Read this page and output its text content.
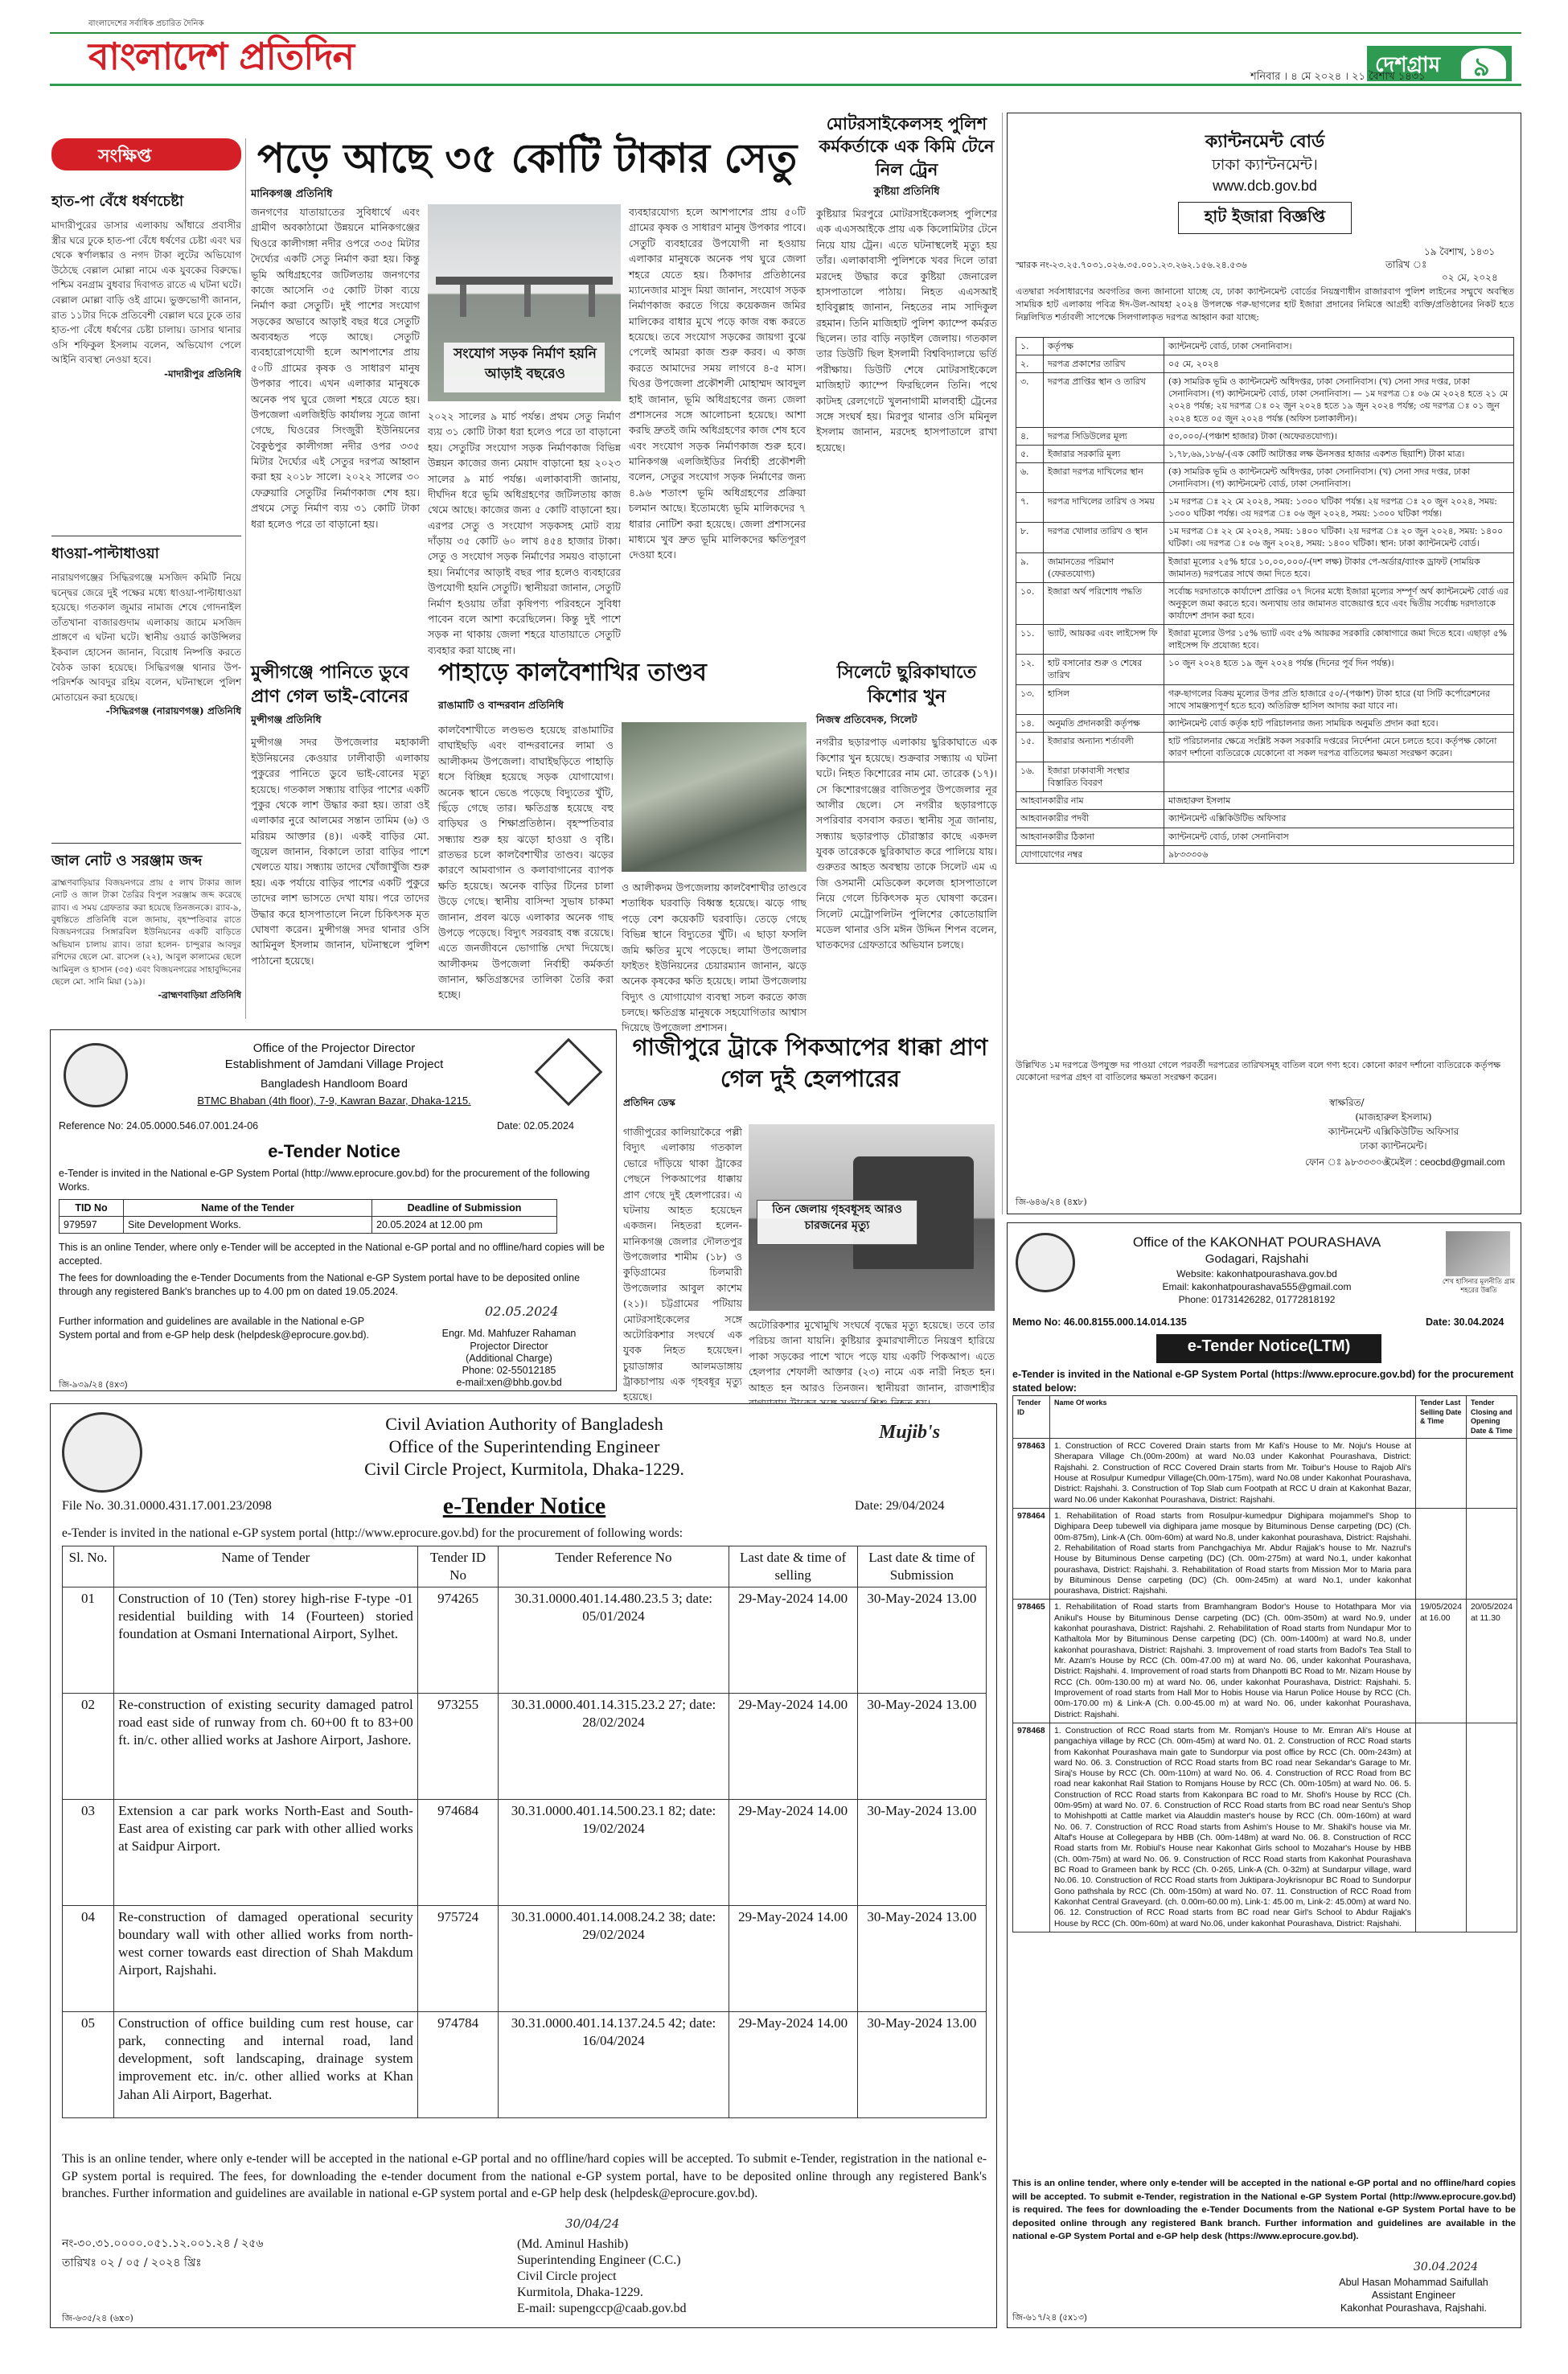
বাংলাদেশের সর্বাধিক প্রচারিত দৈনিক
বাংলাদেশ প্রতিদিন	দেশগ্রাম ৯
শনিবার । ৪ মে ২০২৪ । ২১ বৈশাখ ১৪৩১
সংক্ষিপ্ত
হাত-পা বেঁধে ধর্ষণচেষ্টা
মাদারীপুরের ডাসার এলাকায় আঁধারে প্রবাসীর স্ত্রীর ঘরে ঢুকে হাত-পা বেঁধে ধর্ষণের চেষ্টা এবং ঘর থেকে স্বর্ণালঙ্কার ও নগদ টাকা লুটের অভিযোগ উঠেছে বেল্লাল মোল্লা নামে এক যুবকের বিরুদ্ধে। পশ্চিম বনগ্রাম বুধবার দিবাগত রাতে এ ঘটনা ঘটে। বেল্লাল মোল্লা বাড়ি ওই গ্রামে। ভুক্তভোগী জানান, রাত ১১টার দিকে প্রতিবেশী বেল্লাল ঘরে ঢুকে তার হাত-পা বেঁধে ধর্ষণের চেষ্টা চালায়। ডাসার থানার ওসি শফিকুল ইসলাম বলেন, অভিযোগ পেলে আইনি ব্যবস্থা নেওয়া হবে।
-মাদারীপুর প্রতিনিধি
ধাওয়া-পাল্টাধাওয়া
নারায়ণগঞ্জের সিদ্ধিরগঞ্জে মসজিদ কমিটি নিয়ে দ্বন্দ্বের জেরে দুই পক্ষের মধ্যে ধাওয়া-পাল্টাধাওয়া হয়েছে। গতকাল জুমার নামাজ শেষে গোদনাইল তাঁতখানা বাজারগুদাম এলাকায় জামে মসজিদ প্রাঙ্গণে এ ঘটনা ঘটে। স্থানীয় ওয়ার্ড কাউন্সিলর ইকবাল হোসেন জানান, বিরোধ নিষ্পত্তি করতে বৈঠক ডাকা হয়েছে। সিদ্ধিরগঞ্জ থানার উপ-পরিদর্শক আবদুর রহিম বলেন, ঘটনাস্থলে পুলিশ মোতায়েন করা হয়েছে।
-সিদ্ধিরগঞ্জ (নারায়ণগঞ্জ) প্রতিনিধি
জাল নোট ও সরঞ্জাম জব্দ
ব্রাহ্মণবাড়িয়ার বিজয়নগরে প্রায় ৫ লাখ টাকার জাল নোট ও জাল টাকা তৈরির বিপুল সরঞ্জাম জব্দ করেছে র‍্যাব। এ সময় গ্রেফতার করা হয়েছে তিনজনকে। র‍্যাব-৯, বুধন্তিতে প্রতিনিধি বলে জানায়, বৃহস্পতিবার রাতে বিজয়নগরের সিঙ্গারবিল ইউনিয়নের একটি বাড়িতে অভিযান চালায় র‍্যাব। তারা হলেন- চান্দুরার আবদুর রশিদের ছেলে মো. রাসেল (২২), আবুল কালামের ছেলে আমিনুল ও হাসান (৩৫) এবং বিজয়নগরের সাহাবুদ্দিনের ছেলে মো. সানি মিয়া (১৯)।
-ব্রাহ্মণবাড়িয়া প্রতিনিধি
পড়ে আছে ৩৫ কোটি টাকার সেতু
মানিকগঞ্জ প্রতিনিধি
জনগণের যাতায়াতের সুবিধার্থে এবং গ্রামীণ অবকাঠামো উন্নয়নে মানিকগঞ্জের ঘিওরে কালীগঙ্গা নদীর ওপরে ৩৩৫ মিটার দৈর্ঘ্যের একটি সেতু নির্মাণ করা হয়। কিন্তু ভূমি অধিগ্রহণের জটিলতায় জনগণের কাজে আসেনি ৩৫ কোটি টাকা ব্যয়ে নির্মাণ করা সেতুটি। দুই পাশের সংযোগ সড়কের অভাবে আড়াই বছর ধরে সেতুটি অব্যবহৃত পড়ে আছে। সেতুটি ব্যবহারোপযোগী হলে আশপাশের প্রায় ৫০টি গ্রামের কৃষক ও সাধারণ মানুষ উপকার পাবে। এখন এলাকার মানুষকে অনেক পথ ঘুরে জেলা শহরে যেতে হয়। উপজেলা এলজিইডি কার্যালয় সূত্রে জানা গেছে, ঘিওরের সিংজুরী ইউনিয়নের বৈকুণ্ঠপুর কালীগঙ্গা নদীর ওপর ৩৩৫ মিটার দৈর্ঘ্যের এই সেতুর দরপত্র আহ্বান করা হয় ২০১৮ সালে। ২০২২ সালের ৩০ ফেব্রুয়ারি সেতুটির নির্মাণকাজ শেষ হয়। প্রথমে সেতু নির্মাণ ব্যয় ৩১ কোটি টাকা ধরা হলেও পরে তা বাড়ানো হয়।
সংযোগ সড়ক নির্মাণ হয়নি আড়াই বছরেও
২০২২ সালের ৯ মার্চ পর্যন্ত। প্রথম সেতু নির্মাণ ব্যয় ৩১ কোটি টাকা ধরা হলেও পরে তা বাড়ানো হয়। সেতুটির সংযোগ সড়ক নির্মাণকাজ বিভিন্ন উন্নয়ন কাজের জন্য মেয়াদ বাড়ানো হয় ২০২৩ সালের ৯ মার্চ পর্যন্ত। এলাকাবাসী জানায়, দীর্ঘদিন ধরে ভূমি অধিগ্রহণের জটিলতায় কাজ থেমে আছে। কাজের জন্য ৫ কোটি বাড়ানো হয়। এরপর সেতু ও সংযোগ সড়কসহ মোট ব্যয় দাঁড়ায় ৩৫ কোটি ৬০ লাখ ৪৫৪ হাজার টাকা। সেতু ও সংযোগ সড়ক নির্মাণের সময়ও বাড়ানো হয়। নির্মাণের আড়াই বছর পার হলেও ব্যবহারের উপযোগী হয়নি সেতুটি। স্থানীয়রা জানান, সেতুটি নির্মাণ হওয়ায় তাঁরা কৃষিপণ্য পরিবহনে সুবিধা পাবেন বলে আশা করেছিলেন। কিন্তু দুই পাশে সড়ক না থাকায় জেলা শহরে যাতায়াতে সেতুটি ব্যবহার করা যাচ্ছে না।
ব্যবহারযোগ্য হলে আশপাশের প্রায় ৫০টি গ্রামের কৃষক ও সাধারণ মানুষ উপকার পাবে। সেতুটি ব্যবহারের উপযোগী না হওয়ায় এলাকার মানুষকে অনেক পথ ঘুরে জেলা শহরে যেতে হয়। ঠিকাদার প্রতিষ্ঠানের ম্যানেজার মাসুদ মিয়া জানান, সংযোগ সড়ক নির্মাণকাজ করতে গিয়ে কয়েকজন জমির মালিকের বাধার মুখে পড়ে কাজ বন্ধ করতে হয়েছে। তবে সংযোগ সড়কের জায়গা বুঝে পেলেই আমরা কাজ শুরু করব। এ কাজ করতে আমাদের সময় লাগবে ৪-৫ মাস। ঘিওর উপজেলা প্রকৌশলী মোহাম্মদ আবদুল হাই জানান, ভূমি অধিগ্রহণের জন্য জেলা প্রশাসনের সঙ্গে আলোচনা হয়েছে। আশা করছি দ্রুতই জমি অধিগ্রহণের কাজ শেষ হবে এবং সংযোগ সড়ক নির্মাণকাজ শুরু হবে। মানিকগঞ্জ এলজিইডির নির্বাহী প্রকৌশলী বলেন, সেতুর সংযোগ সড়ক নির্মাণের জন্য ৪.৯৬ শতাংশ ভূমি অধিগ্রহণের প্রক্রিয়া চলমান আছে। ইতোমধ্যে ভূমি মালিকদের ৭ ধারার নোটিশ করা হয়েছে। জেলা প্রশাসনের মাধ্যমে খুব দ্রুত ভূমি মালিকদের ক্ষতিপূরণ দেওয়া হবে।
মোটরসাইকেলসহ পুলিশ কর্মকর্তাকে এক কিমি টেনে নিল ট্রেন
কুষ্টিয়া প্রতিনিধি
কুষ্টিয়ার মিরপুরে মোটরসাইকেলসহ পুলিশের এক এএসআইকে প্রায় এক কিলোমিটার টেনে নিয়ে যায় ট্রেন। এতে ঘটনাস্থলেই মৃত্যু হয় তাঁর। এলাকাবাসী পুলিশকে খবর দিলে তারা মরদেহ উদ্ধার করে কুষ্টিয়া জেনারেল হাসপাতালে পাঠায়। নিহত এএসআই হাবিবুল্লাহ জানান, নিহতের নাম সাদিকুল রহমান। তিনি মাজিহাট পুলিশ ক্যাম্পে কর্মরত ছিলেন। তার বাড়ি নড়াইল জেলায়। গতকাল তার ডিউটি ছিল ইসলামী বিশ্ববিদ্যালয়ে ভর্তি পরীক্ষায়। ডিউটি শেষে মোটরসাইকেলে মাজিহাট ক্যাম্পে ফিরছিলেন তিনি। পথে কাটদহ রেলগেটে খুলনাগামী মালবাহী ট্রেনের সঙ্গে সংঘর্ষ হয়। মিরপুর থানার ওসি মমিনুল ইসলাম জানান, মরদেহ হাসপাতালে রাখা হয়েছে।
মুন্সীগঞ্জে পানিতে ডুবে প্রাণ গেল ভাই-বোনের
মুন্সীগঞ্জ প্রতিনিধি
মুন্সীগঞ্জ সদর উপজেলার মহাকালী ইউনিয়নের কেওয়ার ঢালীবাড়ী এলাকায় পুকুরের পানিতে ডুবে ভাই-বোনের মৃত্যু হয়েছে। গতকাল সন্ধ্যায় বাড়ির পাশের একটি পুকুর থেকে লাশ উদ্ধার করা হয়। তারা ওই এলাকার নুরে আলমের সন্তান তামিম (৬) ও মরিয়ম আক্তার (৪)। একই বাড়ির মো. জুয়েল জানান, বিকালে তারা বাড়ির পাশে খেলতে যায়। সন্ধ্যায় তাদের খোঁজাখুঁজি শুরু হয়। এক পর্যায়ে বাড়ির পাশের একটি পুকুরে তাদের লাশ ভাসতে দেখা যায়। পরে তাদের উদ্ধার করে হাসপাতালে নিলে চিকিৎসক মৃত ঘোষণা করেন। মুন্সীগঞ্জ সদর থানার ওসি আমিনুল ইসলাম জানান, ঘটনাস্থলে পুলিশ পাঠানো হয়েছে।
পাহাড়ে কালবৈশাখির তাণ্ডব
রাঙামাটি ও বান্দরবান প্রতিনিধি
কালবৈশাখীতে লণ্ডভণ্ড হয়েছে রাঙামাটির বাঘাইছড়ি এবং বান্দরবানের লামা ও আলীকদম উপজেলা। বাঘাইছড়িতে পাহাড়ি ধসে বিচ্ছিন্ন হয়েছে সড়ক যোগাযোগ। অনেক স্থানে ভেঙে পড়েছে বিদ্যুতের খুঁটি, ছিঁড়ে গেছে তার। ক্ষতিগ্রস্ত হয়েছে বহু বাড়িঘর ও শিক্ষাপ্রতিষ্ঠান। বৃহস্পতিবার সন্ধ্যায় শুরু হয় ঝড়ো হাওয়া ও বৃষ্টি। রাতভর চলে কালবৈশাখীর তাণ্ডব। ঝড়ের কারণে আমবাগান ও কলাবাগানের ব্যাপক ক্ষতি হয়েছে। অনেক বাড়ির টিনের চালা উড়ে গেছে। স্থানীয় বাসিন্দা সুভাষ চাকমা জানান, প্রবল ঝড়ে এলাকার অনেক গাছ উপড়ে পড়েছে। বিদ্যুৎ সরবরাহ বন্ধ রয়েছে। এতে জনজীবনে ভোগান্তি দেখা দিয়েছে। আলীকদম উপজেলা নির্বাহী কর্মকর্তা জানান, ক্ষতিগ্রস্তদের তালিকা তৈরি করা হচ্ছে।
ও আলীকদম উপজেলায় কালবৈশাখীর তাণ্ডবে শতাধিক ঘরবাড়ি বিধ্বস্ত হয়েছে। ঝড়ে গাছ পড়ে বেশ কয়েকটি ঘরবাড়ি। তেড়ে গেছে বিভিন্ন স্থানে বিদ্যুতের খুঁটি। এ ছাড়া ফসলি জমি ক্ষতির মুখে পড়েছে। লামা উপজেলার ফাইতং ইউনিয়নের চেয়ারম্যান জানান, ঝড়ে অনেক কৃষকের ক্ষতি হয়েছে। লামা উপজেলায় বিদ্যুৎ ও যোগাযোগ ব্যবস্থা সচল করতে কাজ চলছে। ক্ষতিগ্রস্ত মানুষকে সহযোগিতার আশ্বাস দিয়েছে উপজেলা প্রশাসন।
সিলেটে ছুরিকাঘাতে কিশোর খুন
নিজস্ব প্রতিবেদক, সিলেট
নগরীর ছড়ারপাড় এলাকায় ছুরিকাঘাতে এক কিশোর খুন হয়েছে। শুক্রবার সন্ধ্যায় এ ঘটনা ঘটে। নিহত কিশোরের নাম মো. তারেক (১৭)। সে কিশোরগঞ্জের বাজিতপুর উপজেলার নূর আলীর ছেলে। সে নগরীর ছড়ারপাড়ে সপরিবার বসবাস করত। স্থানীয় সূত্র জানায়, সন্ধ্যায় ছড়ারপাড় চৌরাস্তার কাছে একদল যুবক তারেককে ছুরিকাঘাত করে পালিয়ে যায়। গুরুতর আহত অবস্থায় তাকে সিলেট এম এ জি ওসমানী মেডিকেল কলেজ হাসপাতালে নিয়ে গেলে চিকিৎসক মৃত ঘোষণা করেন। সিলেট মেট্রোপলিটন পুলিশের কোতোয়ালি মডেল থানার ওসি মঈন উদ্দিন শিপন বলেন, ঘাতকদের গ্রেফতারে অভিযান চলছে।
Office of the Projector Director
Establishment of Jamdani Village Project
Bangladesh Handloom Board
BTMC Bhaban (4th floor), 7-9, Kawran Bazar, Dhaka-1215.
Reference No: 24.05.0000.546.07.001.24-06	Date: 02.05.2024
e-Tender Notice
e-Tender is invited in the National e-GP System Portal (http://www.eprocure.gov.bd) for the procurement of the following Works.
TID No	Name of the Tender	Deadline of Submission
979597	Site Development Works.	20.05.2024 at 12.00 pm
This is an online Tender, where only e-Tender will be accepted in the National e-GP portal and no offline/hard copies will be accepted.
The fees for downloading the e-Tender Documents from the National e-GP System portal have to be deposited online through any registered Bank's branches up to 4.00 pm on dated 19.05.2024.
Further information and guidelines are available in the National e-GP System portal and from e-GP help desk (helpdesk@eprocure.gov.bd).
02.05.2024
Engr. Md. Mahfuzer Rahaman
Projector Director
(Additional Charge)
Phone: 02-55012185
e-mail:xen@bhb.gov.bd
জি-৯৩৯/২৪ (৪x৩)
গাজীপুরে ট্রাকে পিকআপের ধাক্কা প্রাণ গেল দুই হেলপারের
প্রতিদিন ডেস্ক
গাজীপুরের কালিয়াকৈরে পল্লী বিদ্যুৎ এলাকায় গতকাল ভোরে দাঁড়িয়ে থাকা ট্রাকের পেছনে পিকআপের ধাক্কায় প্রাণ গেছে দুই হেলপারের। এ ঘটনায় আহত হয়েছেন একজন। নিহতরা হলেন- মানিকগঞ্জ জেলার দৌলতপুর উপজেলার শামীম (১৮) ও কুড়িগ্রামের চিলমারী উপজেলার আবুল কাশেম (২১)। চট্টগ্রামের পটিয়ায় মোটরসাইকেলের সঙ্গে অটোরিকশার সংঘর্ষে এক যুবক নিহত হয়েছেন। চুয়াডাঙ্গার আলমডাঙ্গায় ট্রাকচাপায় এক গৃহবধূর মৃত্যু হয়েছে।
তিন জেলায় গৃহবধূসহ আরও চারজনের মৃত্যু
অটোরিকশার মুখোমুখি সংঘর্ষে বৃদ্ধের মৃত্যু হয়েছে। তবে তার পরিচয় জানা যায়নি। কুষ্টিয়ার কুমারখালীতে নিয়ন্ত্রণ হারিয়ে পাকা সড়কের পাশে খাদে পড়ে যায় একটি পিকআপ। এতে হেলপার শেফালী আক্তার (২৩) নামে এক নারী নিহত হন। আহত হন আরও তিনজন। স্থানীয়রা জানান, রাজশাহীর
ক্যান্টনমেন্ট বোর্ড
ঢাকা ক্যান্টনমেন্ট।
www.dcb.gov.bd
হাট ইজারা বিজ্ঞপ্তি
১৯ বৈশাখ, ১৪৩১
স্মারক নং-২৩.২৫.৭০৩১.০২৬.৩৫.০০১.২৩.২৬২.১৫৬.২৪.৫৩৬	তারিখ ঃ
০২ মে, ২০২৪
এতদ্বারা সর্বসাধারণের অবগতির জন্য জানানো যাচ্ছে যে, ঢাকা ক্যান্টনমেন্ট বোর্ডের নিয়ন্ত্রণাধীন রাজারবাগ পুলিশ লাইনের সম্মুখে অবস্থিত সাময়িক হাট এলাকায় পবিত্র ঈদ-উল-আযহা ২০২৪ উপলক্ষে গরু-ছাগলের হাট ইজারা প্রদানের নিমিত্তে আগ্রহী ব্যক্তি/প্রতিষ্ঠানের নিকট হতে নিম্নলিখিত শর্তাবলী সাপেক্ষে সিলগালাকৃত দরপত্র আহ্বান করা যাচ্ছে:
১.	কর্তৃপক্ষ	ক্যান্টনমেন্ট বোর্ড, ঢাকা সেনানিবাস।
২.	দরপত্র প্রকাশের তারিখ	০৫ মে, ২০২৪
৩.	দরপত্র প্রাপ্তির স্থান ও তারিখ	(ক) সামরিক ভূমি ও ক্যান্টনমেন্ট অধিদপ্তর, ঢাকা সেনানিবাস। (খ) সেনা সদর দপ্তর, ঢাকা সেনানিবাস। (গ) ক্যান্টনমেন্ট বোর্ড, ঢাকা সেনানিবাস। — ১ম দরপত্র ঃ ০৬ মে ২০২৪ হতে ২১ মে ২০২৪ পর্যন্ত; ২য় দরপত্র ঃ ০২ জুন ২০২৪ হতে ১৯ জুন ২০২৪ পর্যন্ত; ৩য় দরপত্র ঃ ০১ জুন ২০২৪ হতে ০৫ জুন ২০২৪ পর্যন্ত (অফিস চলাকালীন)।
৪.	দরপত্র সিডিউলের মূল্য	৫০,০০০/-(পঞ্চাশ হাজার) টাকা (অফেরতযোগ্য)।
৫.	ইজারার সরকারি মূল্য	১,৭৮,৬৯,১৮৬/-(এক কোটি আটাত্তর লক্ষ ঊনসত্তর হাজার একশত ছিয়াশি) টাকা মাত্র।
৬.	ইজারা দরপত্র দাখিলের স্থান	(ক) সামরিক ভূমি ও ক্যান্টনমেন্ট অধিদপ্তর, ঢাকা সেনানিবাস। (খ) সেনা সদর দপ্তর, ঢাকা সেনানিবাস। (গ) ক্যান্টনমেন্ট বোর্ড, ঢাকা সেনানিবাস।
৭.	দরপত্র দাখিলের তারিখ ও সময়	১ম দরপত্র ঃ ২২ মে ২০২৪, সময়: ১৩০০ ঘটিকা পর্যন্ত। ২য় দরপত্র ঃ ২০ জুন ২০২৪, সময়: ১৩০০ ঘটিকা পর্যন্ত। ৩য় দরপত্র ঃ ০৬ জুন ২০২৪, সময়: ১৩০০ ঘটিকা পর্যন্ত।
৮.	দরপত্র খোলার তারিখ ও স্থান	১ম দরপত্র ঃ ২২ মে ২০২৪, সময়: ১৪০০ ঘটিকা। ২য় দরপত্র ঃ ২০ জুন ২০২৪, সময়: ১৪০০ ঘটিকা। ৩য় দরপত্র ঃ ০৬ জুন ২০২৪, সময়: ১৪০০ ঘটিকা। স্থান: ঢাকা ক্যান্টনমেন্ট বোর্ড।
৯.	জামানতের পরিমাণ (ফেরতযোগ্য)	ইজারা মূল্যের ২৫% হারে ১০,০০,০০০/-(দশ লক্ষ) টাকার পে-অর্ডার/ব্যাংক ড্রাফট (সাময়িক জামানত) দরপত্রের সাথে জমা দিতে হবে।
১০.	ইজারা অর্থ পরিশোধ পদ্ধতি	সর্বোচ্চ দরদাতাকে কার্যাদেশ প্রাপ্তির ০৭ দিনের মধ্যে ইজারা মূল্যের সম্পূর্ণ অর্থ ক্যান্টনমেন্ট বোর্ড এর অনুকূলে জমা করতে হবে। অন্যথায় তার জামানত বাজেয়াপ্ত হবে এবং দ্বিতীয় সর্বোচ্চ দরদাতাকে কার্যাদেশ প্রদান করা হবে।
১১.	ভ্যাট, আয়কর এবং লাইসেন্স ফি	ইজারা মূল্যের উপর ১৫% ভ্যাট এবং ৫% আয়কর সরকারি কোষাগারে জমা দিতে হবে। এছাড়া ৫% লাইসেন্স ফি প্রযোজ্য হবে।
১২.	হাট বসানোর শুরু ও শেষের তারিখ	১০ জুন ২০২৪ হতে ১৯ জুন ২০২৪ পর্যন্ত (দিনের পূর্ব দিন পর্যন্ত)।
১৩.	হাসিল	গরু-ছাগলের বিক্রয় মূল্যের উপর প্রতি হাজারে ৫০/-(পঞ্চাশ) টাকা হারে (যা সিটি কর্পোরেশনের সাথে সামঞ্জস্যপূর্ণ হতে হবে) অতিরিক্ত হাসিল আদায় করা যাবে না।
১৪.	অনুমতি প্রদানকারী কর্তৃপক্ষ	ক্যান্টনমেন্ট বোর্ড কর্তৃক হাট পরিচালনার জন্য সাময়িক অনুমতি প্রদান করা হবে।
১৫.	ইজারার অন্যান্য শর্তাবলী	হাট পরিচালনার ক্ষেত্রে সংশ্লিষ্ট সকল সরকারি দপ্তরের নির্দেশনা মেনে চলতে হবে। কর্তৃপক্ষ কোনো কারণ দর্শানো ব্যতিরেকে যেকোনো বা সকল দরপত্র বাতিলের ক্ষমতা সংরক্ষণ করেন।
১৬.	ইজারা ঢাকাবাসী সংস্থার বিস্তারিত বিবরণ	
আহবানকারীর নাম		মাজহারুল ইসলাম
আহবানকারীর পদবী		ক্যান্টনমেন্ট এক্সিকিউটিভ অফিসার
আহবানকারীর ঠিকানা		ক্যান্টনমেন্ট বোর্ড, ঢাকা সেনানিবাস
যোগাযোগের নম্বর		৯৮৩৩৩০৬
উল্লিখিত ১ম দরপত্রে উপযুক্ত দর পাওয়া গেলে পরবর্তী দরপত্রের তারিখসমূহ বাতিল বলে গণ্য হবে। কোনো কারণ দর্শানো ব্যতিরেকে কর্তৃপক্ষ যেকোনো দরপত্র গ্রহণ বা বাতিলের ক্ষমতা সংরক্ষণ করেন।
স্বাক্ষরিত/
(মাজহারুল ইসলাম)
ক্যান্টনমেন্ট এক্সিকিউটিভ অফিসার
ঢাকা ক্যান্টনমেন্ট।
ফোন ঃ ৯৮৩৩৩০৬
ইমেইল : ceocbd@gmail.com
জি-৬৪৬/২৪ (৪x৮)
Office of the KAKONHAT POURASHAVA
Godagari, Rajshahi
Website: kakonhatpourashava.gov.bd
Email: kakonhatpourashava555@gmail.com
Phone: 01731426282, 01772818192
শেখ হাসিনার মূলনীতি গ্রাম শহরের উন্নতি
Memo No: 46.00.8155.000.14.014.135	Date: 30.04.2024
e-Tender Notice(LTM)
e-Tender is invited in the National e-GP System Portal (https://www.eprocure.gov.bd) for the procurement stated below:
Tender ID	Name Of works	Tender Last Selling Date & Time	Tender Closing and Opening Date & Time
978463	1. Construction of RCC Covered Drain starts from Mr Kafi's House to Mr. Noju's House at Sherapara Village Ch.(00m-200m) at ward No.03 under Kakonhat Pourashava, District: Rajshahi. 2. Construction of RCC Covered Drain starts from Mr. Toibur's House to Rajob Ali's House at Rosulpur Kumedpur Village(Ch.00m-175m), ward No.08 under Kakonhat Pourashava, District: Rajshahi. 3. Construction of Top Slab cum Footpath at RCC U drain at Kakonhat Bazar, ward No.06 under Kakonhat Pourashava, District: Rajshahi.		
978464	1. Rehabilitation of Road starts from Rosulpur-kumedpur Dighipara mojammel's Shop to Dighipara Deep tubewell via dighipara jame mosque by Bituminous Dense carpeting (DC) (Ch. 00m-875m), Link-A (Ch. 00m-60m) at ward No.8, under kakonhat pourashava, District: Rajshahi. 2. Rehabilitation of Road starts from Panchgachiya Mr. Abdur Rajjak's house to Mr. Nazrul's House by Bituminous Dense carpeting (DC) (Ch. 00m-275m) at ward No.1, under kakonhat pourashava, District: Rajshahi. 3. Rehabilitation of Road starts from Mission Mor to Maria para by Bituminous Dense carpeting (DC) (Ch. 00m-245m) at ward No.1, under kakonhat pourashava, District: Rajshahi.		
978465	1. Rehabilitation of Road starts from Bramhangram Bodor's House to Hotathpara Mor via Anikul's House by Bituminous Dense carpeting (DC) (Ch. 00m-350m) at ward No.9, under kakonhat pourashava, District: Rajshahi. 2. Rehabilitation of Road starts from Nundapur Mor to Kathaltola Mor by Bituminous Dense carpeting (DC) (Ch. 00m-1400m) at ward No.8, under kakonhat pourashava, District: Rajshahi. 3. Improvement of road starts from Badol's Tea Stall to Mr. Azam's House by RCC (Ch. 00m-47.00 m) at ward No. 06, under kakonhat Pourashava, District: Rajshahi. 4. Improvement of road starts from Dhanpotti BC Road to Mr. Nizam House by RCC (Ch. 00m-130.00 m) at ward No. 06, under kakonhat Pourashava, District: Rajshahi. 5. Improvement of road starts from Hall Mor to Hobis House via Harun Police House by RCC (Ch. 00m-170.00 m) & Link-A (Ch. 0.00-45.00 m) at ward No. 06, under kakonhat Pourashava, District: Rajshahi.	19/05/2024 at 16.00	20/05/2024 at 11.30
978468	1. Construction of RCC Road starts from Mr. Romjan's House to Mr. Emran Ali's House at pangachiya village by RCC (Ch. 00m-45m) at ward No. 01. 2. Construction of RCC Road starts from Kakonhat Pourashava main gate to Sundorpur via post office by RCC (Ch. 00m-243m) at ward No. 06. 3. Construction of RCC Road starts from BC road near Sekandar's Garage to Mr. Siraj's House by RCC (Ch. 00m-110m) at ward No. 06. 4. Construction of RCC Road from BC road near kakonhat Rail Station to Romjans House by RCC (Ch. 00m-105m) at ward No. 06. 5. Construction of RCC Road starts from Kakonpara BC road to Mr. Shofi's House by RCC (Ch. 00m-95m) at ward No. 07. 6. Construction of RCC Road starts from BC road near Sentu's Shop to Mohishpotti at Cattle market via Alauddin master's house by RCC (Ch. 00m-160m) at ward No. 06. 7. Construction of RCC Road starts from Ashim's House to Mr. Shakil's house via Mr. Altaf's House at Collegepara by HBB (Ch. 00m-148m) at ward No. 06. 8. Construction of RCC Road starts from Mr. Robiul's House near Kakonhat Girls school to Mozahar's House by HBB (Ch. 00m-75m) at ward No. 06. 9. Construction of RCC Road starts from Kakonhat Pourashava BC Road to Grameen bank by RCC (Ch. 0-265, Link-A (Ch. 0-32m) at Sundarpur village, ward No.06. 10. Construction of RCC Road starts from Juktipara-Joykrisnopur BC Road to Sundorpur Gono pathshala by RCC (Ch. 00m-150m) at ward No. 07. 11. Construction of RCC Road from Kakonhat Central Graveyard. (ch. 0.00m-60.00 m), Link-1: 45.00 m, Link-2: 45.00m) at ward No. 06. 12. Construction of RCC Road starts from BC road near Girl's School to Abdur Rajjak's House by RCC (Ch. 00m-60m) at ward No.06, under kakonhat Pourashava, District: Rajshahi.		
This is an online tender, where only e-tender will be accepted in the national e-GP portal and no offline/hard copies will be accepted. To submit e-Tender, registration in the National e-GP System Portal (http://www.eprocure.gov.bd) is required. The fees for downloading the e-Tender Documents from the National e-GP System Portal have to be deposited online through any registered Bank branch. Further information and guidelines are available in the national e-GP System Portal and e-GP help desk (https://www.eprocure.gov.bd).
30.04.2024
Abul Hasan Mohammad Saifullah
Assistant Engineer
Kakonhat Pourashava, Rajshahi.
জি-৬১৭/২৪ (৫x১৩)
Civil Aviation Authority of Bangladesh
Office of the Superintending Engineer
Civil Circle Project, Kurmitola, Dhaka-1229.
Mujib's
File No. 30.31.0000.431.17.001.23/2098	e-Tender Notice	Date: 29/04/2024
e-Tender is invited in the national e-GP system portal (http://www.eprocure.gov.bd) for the procurement of following words:
Sl. No.	Name of Tender	Tender ID No	Tender Reference No	Last date & time of selling	Last date & time of Submission
01	Construction of 10 (Ten) storey high-rise F-type -01 residential building with 14 (Fourteen) storied foundation at Osmani International Airport, Sylhet.	974265	30.31.0000.401.14.480.23.5 3; date: 05/01/2024	29-May-2024 14.00	30-May-2024 13.00
02	Re-construction of existing security damaged patrol road east side of runway from ch. 60+00 ft to 83+00 ft. in/c. other allied works at Jashore Airport, Jashore.	973255	30.31.0000.401.14.315.23.2 27; date: 28/02/2024	29-May-2024 14.00	30-May-2024 13.00
03	Extension a car park works North-East and South-East area of existing car park with other allied works at Saidpur Airport.	974684	30.31.0000.401.14.500.23.1 82; date: 19/02/2024	29-May-2024 14.00	30-May-2024 13.00
04	Re-construction of damaged operational security boundary wall with other allied works from north-west corner towards east direction of Shah Makdum Airport, Rajshahi.	975724	30.31.0000.401.14.008.24.2 38; date: 29/02/2024	29-May-2024 14.00	30-May-2024 13.00
05	Construction of office building cum rest house, car park, connecting and internal road, land development, soft landscaping, drainage system improvement etc. in/c. other allied works at Khan Jahan Ali Airport, Bagerhat.	974784	30.31.0000.401.14.137.24.5 42; date: 16/04/2024	29-May-2024 14.00	30-May-2024 13.00
This is an online tender, where only e-tender will be accepted in the national e-GP portal and no offline/hard copies will be accepted. To submit e-Tender, registration in the national e-GP system portal is required. The fees, for downloading the e-tender document from the national e-GP system portal, have to be deposited online through any registered Bank's branches. Further information and guidelines are available in national e-GP system portal and e-GP help desk (helpdesk@eprocure.gov.bd).
নং-৩০.৩১.০০০০.০৫১.১২.০০১.২৪ / ২৫৬
তারিখঃ ০২ / ০৫ / ২০২৪ খ্রিঃ
30/04/24
(Md. Aminul Hashib)
Superintending Engineer (C.C.)
Civil Circle project
Kurmitola, Dhaka-1229.
E-mail: supengccp@caab.gov.bd
জি-৬৩৫/২৪ (৬x৩)
